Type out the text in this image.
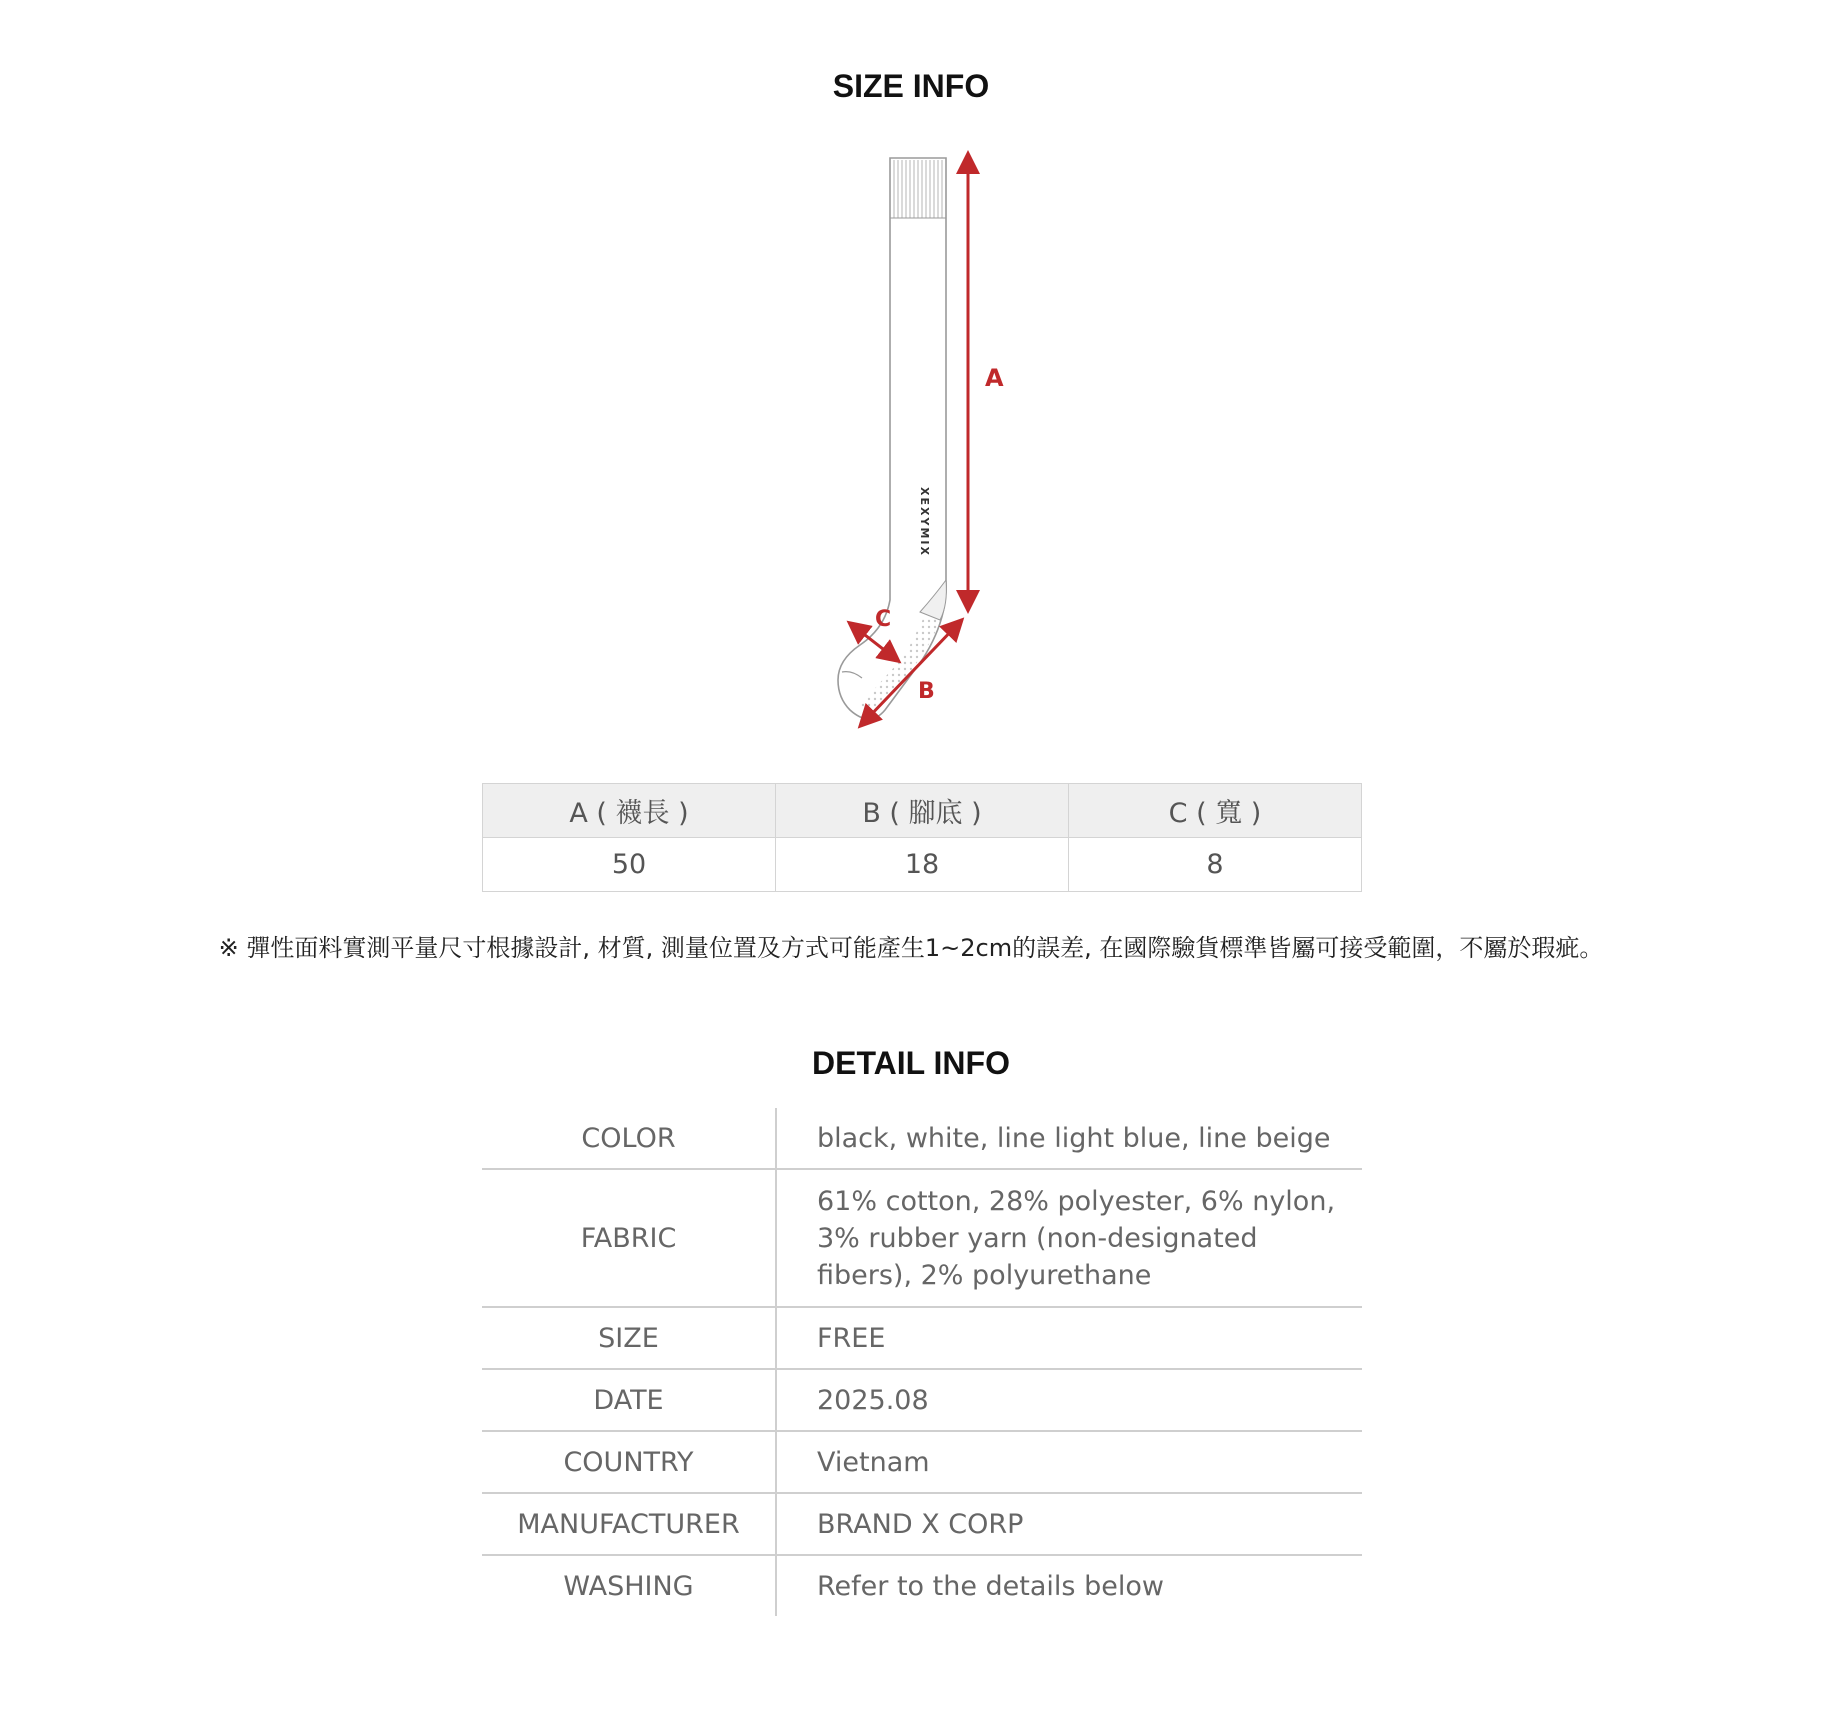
SIZE INFO
XEXYMIX
A
C
B
A ( 襪長 )	B ( 腳底 )	C ( 寬 )
50	18	8
※ 彈性面料實測平量尺寸根據設計, 材質, 測量位置及方式可能產生1~2cm的誤差, 在國際驗貨標準皆屬可接受範圍，不屬於瑕疵。
DETAIL INFO
COLOR	black, white, line light blue, line beige
FABRIC	61% cotton, 28% polyester, 6% nylon, 3% rubber yarn (non-designated fibers), 2% polyurethane
SIZE	FREE
DATE	2025.08
COUNTRY	Vietnam
MANUFACTURER	BRAND X CORP
WASHING	Refer to the details below
